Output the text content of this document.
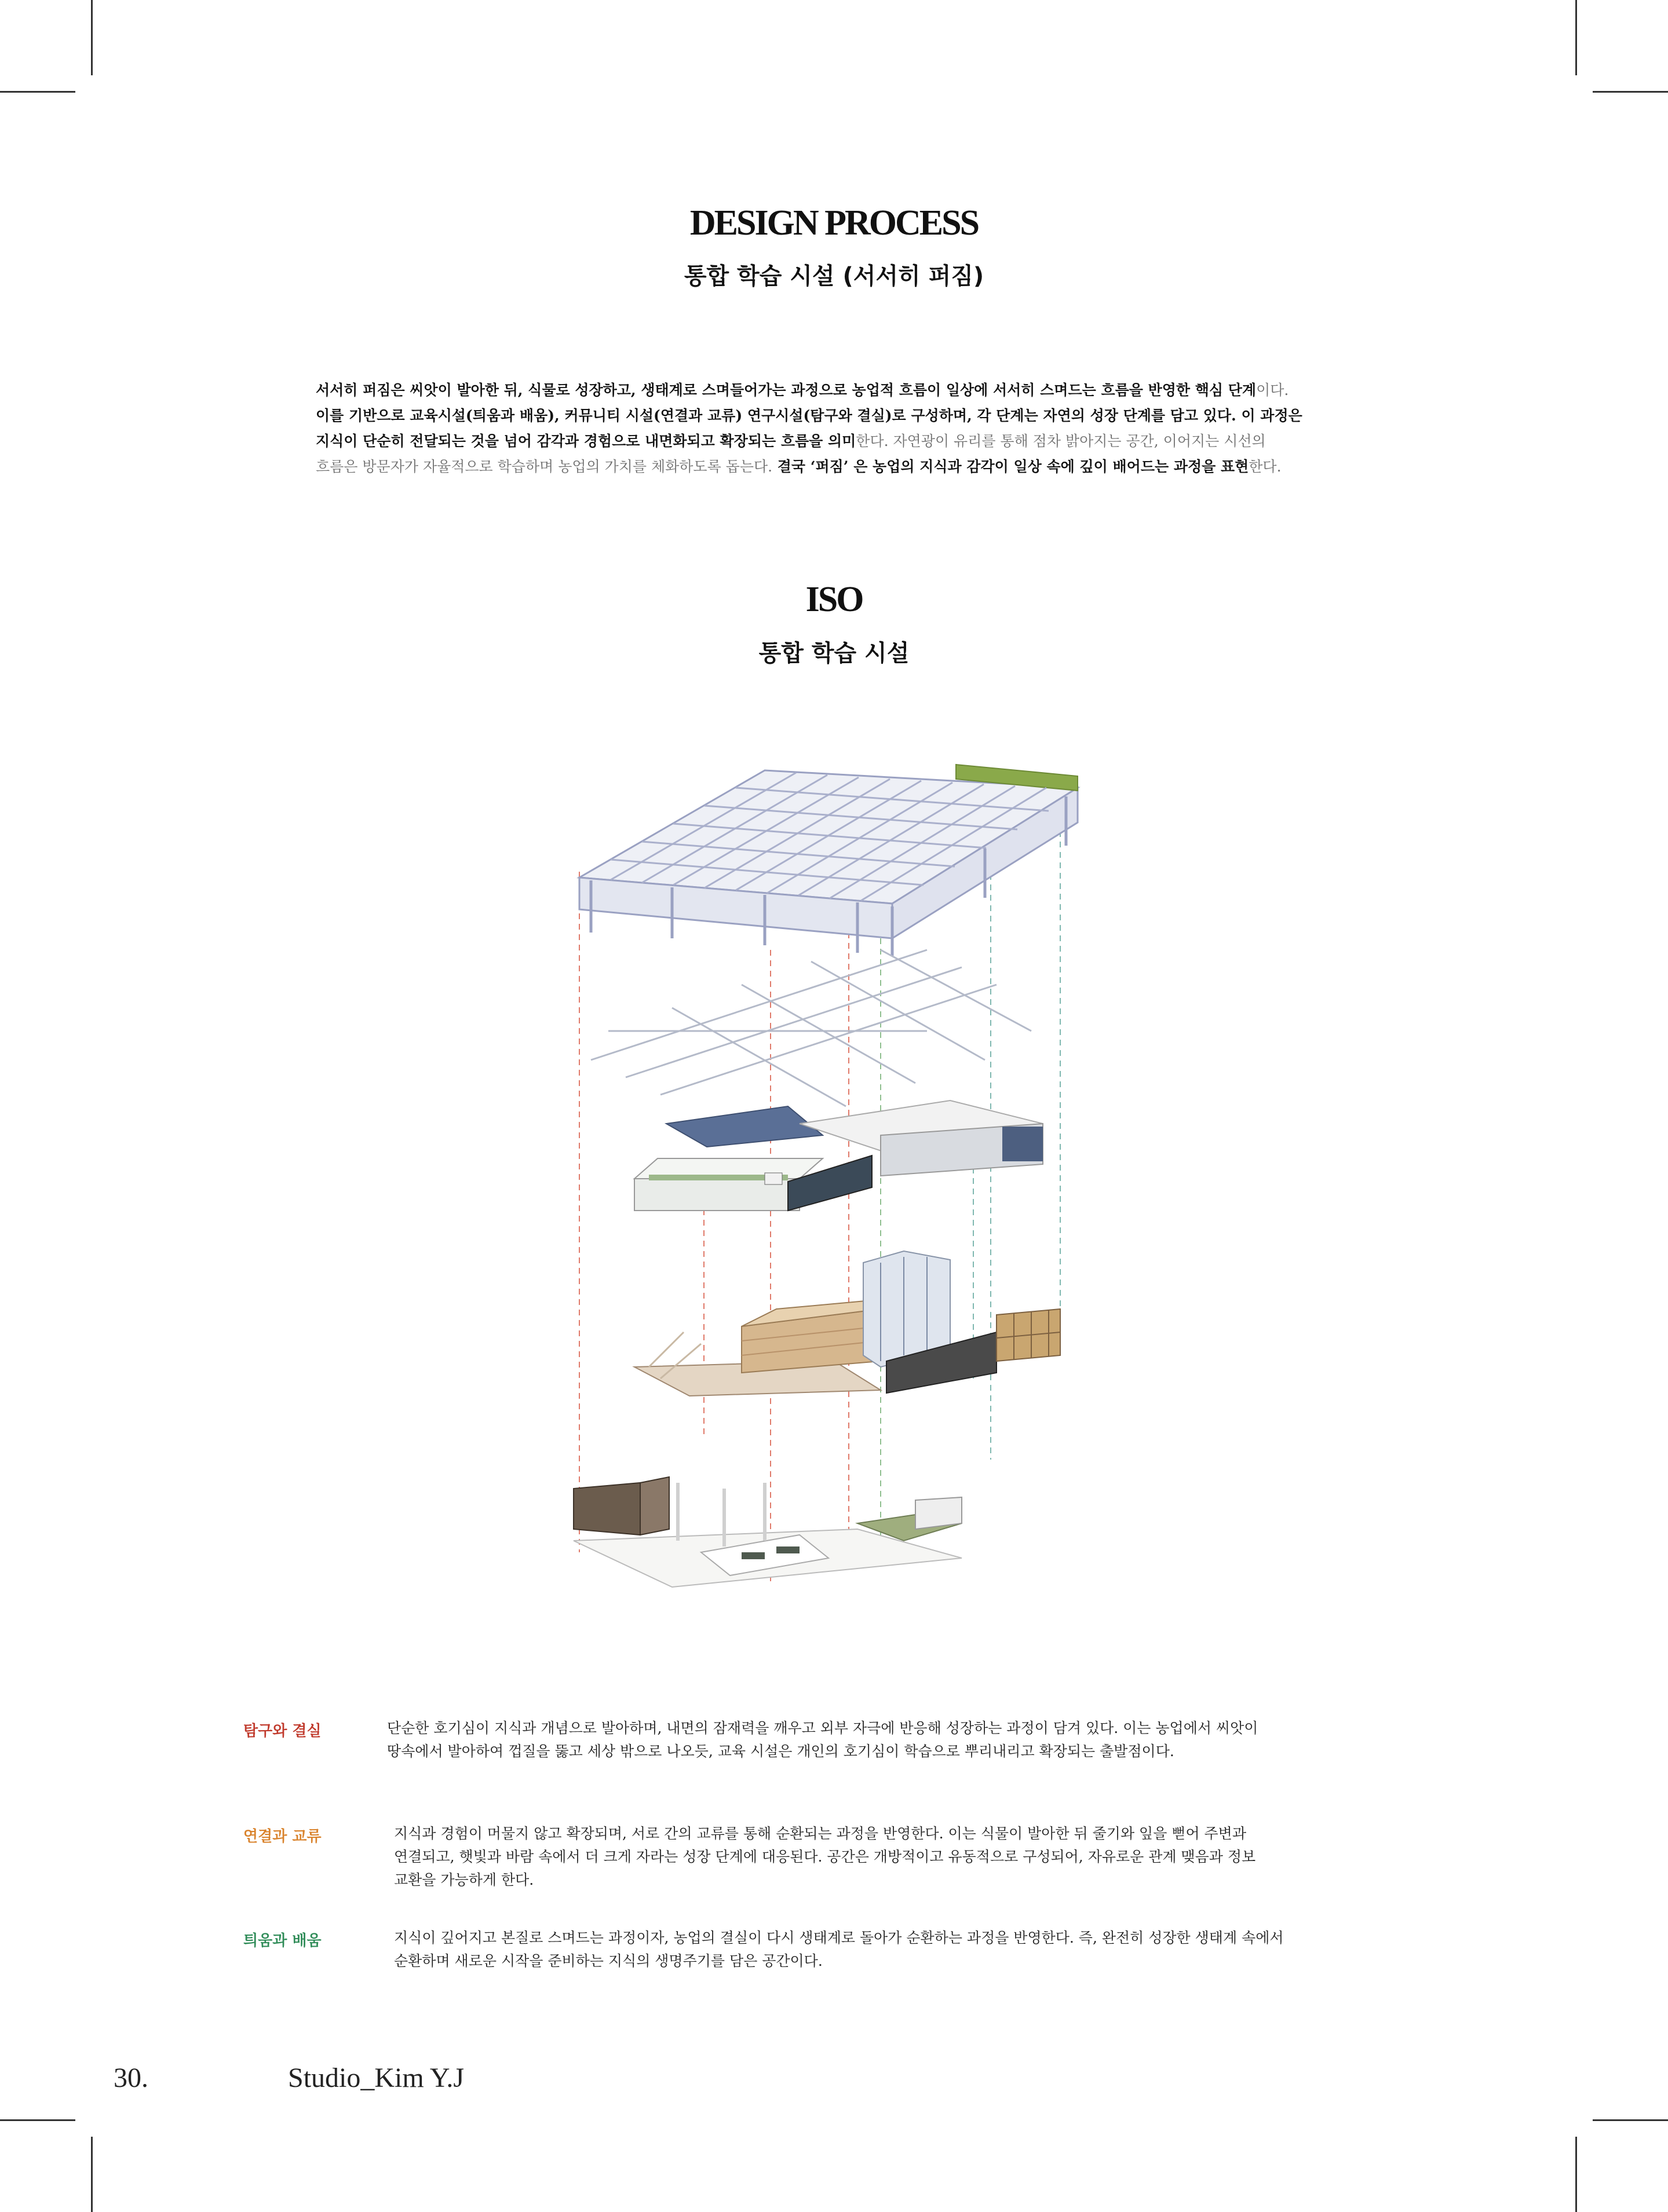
DESIGN PROCESS
통합 학습 시설 (서서히 퍼짐)
서서히 퍼짐은 씨앗이 발아한 뒤, 식물로 성장하고, 생태계로 스며들어가는 과정으로 농업적 흐름이 일상에 서서히 스며드는 흐름을 반영한 핵심 단계이다.
이를 기반으로 교육시설(틔움과 배움), 커뮤니티 시설(연결과 교류) 연구시설(탐구와 결실)로 구성하며, 각 단계는 자연의 성장 단계를 담고 있다. 이 과정은
지식이 단순히 전달되는 것을 넘어 감각과 경험으로 내면화되고 확장되는 흐름을 의미한다. 자연광이 유리를 통해 점차 밝아지는 공간, 이어지는 시선의
흐름은 방문자가 자율적으로 학습하며 농업의 가치를 체화하도록 돕는다. 결국 ‘퍼짐’ 은 농업의 지식과 감각이 일상 속에 깊이 배어드는 과정을 표현한다.
ISO
통합 학습 시설
탐구와 결실	단순한 호기심이 지식과 개념으로 발아하며, 내면의 잠재력을 깨우고 외부 자극에 반응해 성장하는 과정이 담겨 있다. 이는 농업에서 씨앗이
땅속에서 발아하여 껍질을 뚫고 세상 밖으로 나오듯, 교육 시설은 개인의 호기심이 학습으로 뿌리내리고 확장되는 출발점이다.
연결과 교류	지식과 경험이 머물지 않고 확장되며, 서로 간의 교류를 통해 순환되는 과정을 반영한다. 이는 식물이 발아한 뒤 줄기와 잎을 뻗어 주변과
연결되고, 햇빛과 바람 속에서 더 크게 자라는 성장 단계에 대응된다. 공간은 개방적이고 유동적으로 구성되어, 자유로운 관계 맺음과 정보
교환을 가능하게 한다.
틔움과 배움	지식이 깊어지고 본질로 스며드는 과정이자, 농업의 결실이 다시 생태계로 돌아가 순환하는 과정을 반영한다. 즉, 완전히 성장한 생태계 속에서
순환하며 새로운 시작을 준비하는 지식의 생명주기를 담은 공간이다.
30.	Studio_Kim Y.J
